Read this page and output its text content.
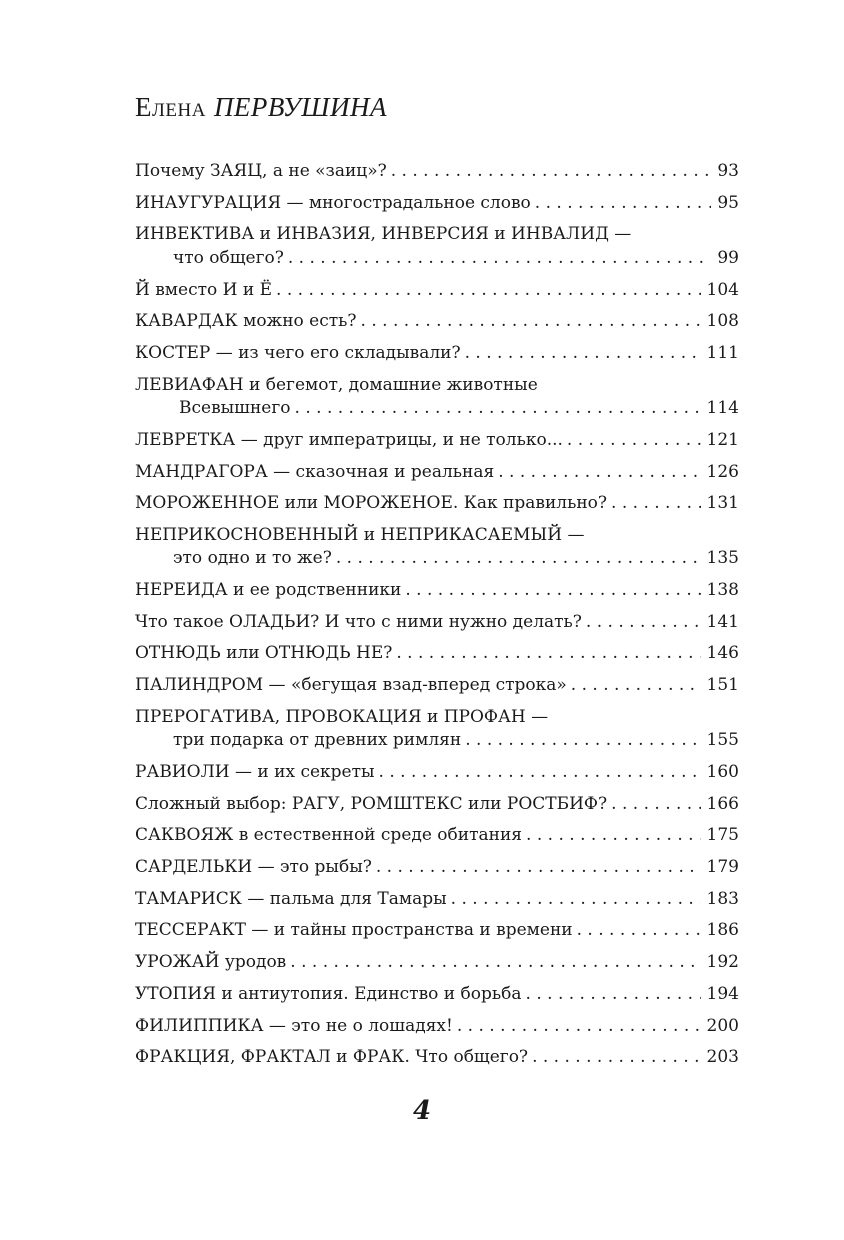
Елена ПЕРВУШИНА
Почему ЗАЯЦ, а не «заиц»? . . .	93
ИНАУГУРАЦИЯ — многострадальное слово . . .	95
ИНВЕКТИВА и ИНВАЗИЯ, ИНВЕРСИЯ и ИНВАЛИД —
что общего? . . .	99
Й вместо И и Ё . . .	104
КАВАРДАК можно есть? . . .	108
КОСТЕР — из чего его складывали? . . .	111
ЛЕВИАФАН и бегемот, домашние животные
Всевышнего . . .	114
ЛЕВРЕТКА — друг императрицы, и не только... . . .	121
МАНДРАГОРА — сказочная и реальная . . .	126
МОРОЖЕННОЕ или МОРОЖЕНОЕ. Как правильно? . . .	131
НЕПРИКОСНОВЕННЫЙ и НЕПРИКАСАЕМЫЙ —
это одно и то же? . . .	135
НЕРЕИДА и ее родственники . . .	138
Что такое ОЛАДЬИ? И что с ними нужно делать? . . .	141
ОТНЮДЬ или ОТНЮДЬ НЕ? . . .	146
ПАЛИНДРОМ — «бегущая взад-вперед строка» . . .	151
ПРЕРОГАТИВА, ПРОВОКАЦИЯ и ПРОФАН —
три подарка от древних римлян . . .	155
РАВИОЛИ — и их секреты . . .	160
Сложный выбор: РАГУ, РОМШТЕКС или РОСТБИФ? . . .	166
САКВОЯЖ в естественной среде обитания . . .	175
САРДЕЛЬКИ — это рыбы? . . .	179
ТАМАРИСК — пальма для Тамары . . .	183
ТЕССЕРАКТ — и тайны пространства и времени . . .	186
УРОЖАЙ уродов . . .	192
УТОПИЯ и антиутопия. Единство и борьба . . .	194
ФИЛИППИКА — это не о лошадях! . . .	200
ФРАКЦИЯ, ФРАКТАЛ и ФРАК. Что общего? . . .	203
4
